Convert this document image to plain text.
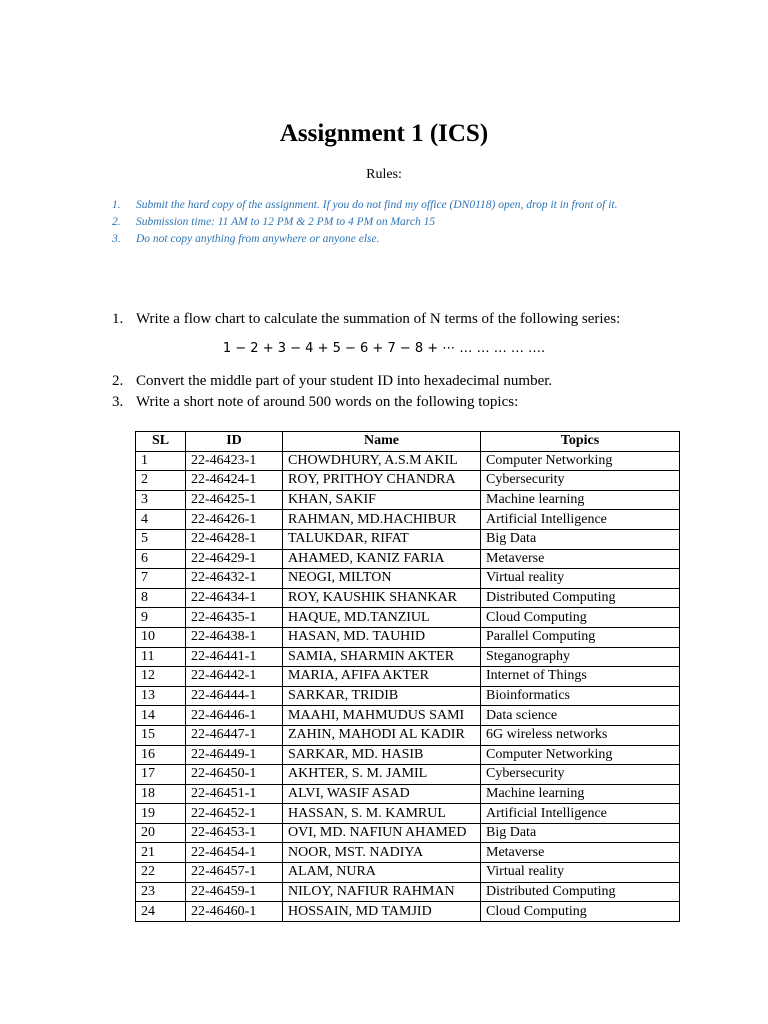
Assignment 1 (ICS)
Rules:
1.	Submit the hard copy of the assignment. If you do not find my office (DN0118) open, drop it in front of it.
2.	Submission time: 11 AM to 12 PM & 2 PM to 4 PM on March 15
3.	Do not copy anything from anywhere or anyone else.
1. Write a flow chart to calculate the summation of N terms of the following series:
1 − 2 + 3 − 4 + 5 − 6 + 7 − 8 + ⋯ … … … … ….
2. Convert the middle part of your student ID into hexadecimal number.
3. Write a short note of around 500 words on the following topics:
SL	ID	Name	Topics
1	22-46423-1	CHOWDHURY, A.S.M AKIL	Computer Networking
2	22-46424-1	ROY, PRITHOY CHANDRA	Cybersecurity
3	22-46425-1	KHAN, SAKIF	Machine learning
4	22-46426-1	RAHMAN, MD.HACHIBUR	Artificial Intelligence
5	22-46428-1	TALUKDAR, RIFAT	Big Data
6	22-46429-1	AHAMED, KANIZ FARIA	Metaverse
7	22-46432-1	NEOGI, MILTON	Virtual reality
8	22-46434-1	ROY, KAUSHIK SHANKAR	Distributed Computing
9	22-46435-1	HAQUE, MD.TANZIUL	Cloud Computing
10	22-46438-1	HASAN, MD. TAUHID	Parallel Computing
11	22-46441-1	SAMIA, SHARMIN AKTER	Steganography
12	22-46442-1	MARIA, AFIFA AKTER	Internet of Things
13	22-46444-1	SARKAR, TRIDIB	Bioinformatics
14	22-46446-1	MAAHI, MAHMUDUS SAMI	Data science
15	22-46447-1	ZAHIN, MAHODI AL KADIR	6G wireless networks
16	22-46449-1	SARKAR, MD. HASIB	Computer Networking
17	22-46450-1	AKHTER, S. M. JAMIL	Cybersecurity
18	22-46451-1	ALVI, WASIF ASAD	Machine learning
19	22-46452-1	HASSAN, S. M. KAMRUL	Artificial Intelligence
20	22-46453-1	OVI, MD. NAFIUN AHAMED	Big Data
21	22-46454-1	NOOR, MST. NADIYA	Metaverse
22	22-46457-1	ALAM, NURA	Virtual reality
23	22-46459-1	NILOY, NAFIUR RAHMAN	Distributed Computing
24	22-46460-1	HOSSAIN, MD TAMJID	Cloud Computing
